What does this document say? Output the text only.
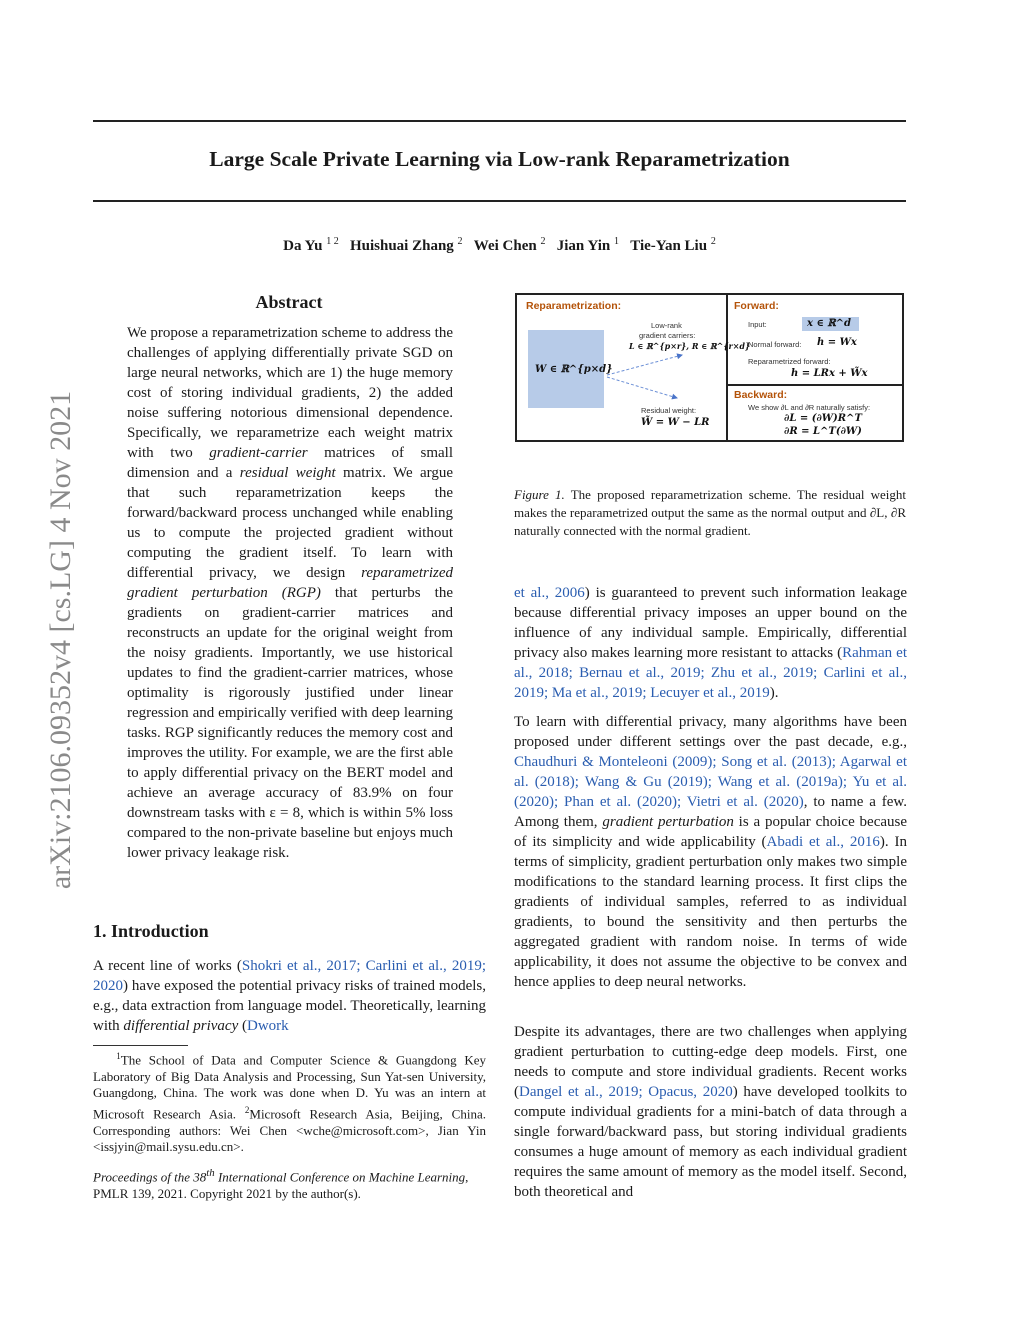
Large Scale Private Learning via Low-rank Reparametrization
Da Yu $^{1 2}$ Huishuai Zhang $^2$ Wei Chen $^2$ Jian Yin $^1$ Tie-Yan Liu $^2$
arXiv:2106.09352v4 [cs.LG] 4 Nov 2021
Abstract
We propose a reparametrization scheme to address the challenges of applying differentially private SGD on large neural networks, which are 1) the huge memory cost of storing individual gradients, 2) the added noise suffering notorious dimensional dependence. Specifically, we reparametrize each weight matrix with two gradient-carrier matrices of small dimension and a residual weight matrix. We argue that such reparametrization keeps the forward/backward process unchanged while enabling us to compute the projected gradient without computing the gradient itself. To learn with differential privacy, we design reparametrized gradient perturbation (RGP) that perturbs the gradients on gradient-carrier matrices and reconstructs an update for the original weight from the noisy gradients. Importantly, we use historical updates to find the gradient-carrier matrices, whose optimality is rigorously justified under linear regression and empirically verified with deep learning tasks. RGP significantly reduces the memory cost and improves the utility. For example, we are the first able to apply differential privacy on the BERT model and achieve an average accuracy of 83.9% on four downstream tasks with ε = 8, which is within 5% loss compared to the non-private baseline but enjoys much lower privacy leakage risk.
1. Introduction
A recent line of works (Shokri et al., 2017; Carlini et al., 2019; 2020) have exposed the potential privacy risks of trained models, e.g., data extraction from language model. Theoretically, learning with differential privacy (Dwork
$^1$The School of Data and Computer Science & Guangdong Key Laboratory of Big Data Analysis and Processing, Sun Yat-sen University, Guangdong, China. The work was done when D. Yu was an intern at Microsoft Research Asia. $^2$Microsoft Research Asia, Beijing, China. Corresponding authors: Wei Chen <wche@microsoft.com>, Jian Yin <issjyin@mail.sysu.edu.cn>.
Proceedings of the 38th International Conference on Machine Learning, PMLR 139, 2021. Copyright 2021 by the author(s).
Reparametrization:
W ∈ ℝ^{p×d}
Low-rank
gradient carriers:
L ∈ ℝ^{p×r}, R ∈ ℝ^{r×d}
Residual weight:
W̃ = W − LR
Forward:
Input:	x ∈ ℝ^d
Normal forward: h = Wx
Reparametrized forward:
h = LRx + W̃x
Backward:
We show ∂L and ∂R naturally satisfy:
∂L = (∂W)R^T
∂R = L^T(∂W)
Figure 1. The proposed reparametrization scheme. The residual weight makes the reparametrized output the same as the normal output and ∂L, ∂R naturally connected with the normal gradient.
et al., 2006) is guaranteed to prevent such information leakage because differential privacy imposes an upper bound on the influence of any individual sample. Empirically, differential privacy also makes learning more resistant to attacks (Rahman et al., 2018; Bernau et al., 2019; Zhu et al., 2019; Carlini et al., 2019; Ma et al., 2019; Lecuyer et al., 2019).
To learn with differential privacy, many algorithms have been proposed under different settings over the past decade, e.g., Chaudhuri & Monteleoni (2009); Song et al. (2013); Agarwal et al. (2018); Wang & Gu (2019); Wang et al. (2019a); Yu et al. (2020); Phan et al. (2020); Vietri et al. (2020), to name a few. Among them, gradient perturbation is a popular choice because of its simplicity and wide applicability (Abadi et al., 2016). In terms of simplicity, gradient perturbation only makes two simple modifications to the standard learning process. It first clips the gradients of individual samples, referred to as individual gradients, to bound the sensitivity and then perturbs the aggregated gradient with random noise. In terms of wide applicability, it does not assume the objective to be convex and hence applies to deep neural networks.
Despite its advantages, there are two challenges when applying gradient perturbation to cutting-edge deep models. First, one needs to compute and store individual gradients. Recent works (Dangel et al., 2019; Opacus, 2020) have developed toolkits to compute individual gradients for a mini-batch of data through a single forward/backward pass, but storing individual gradients consumes a huge amount of memory as each individual gradient requires the same amount of memory as the model itself. Second, both theoretical and
